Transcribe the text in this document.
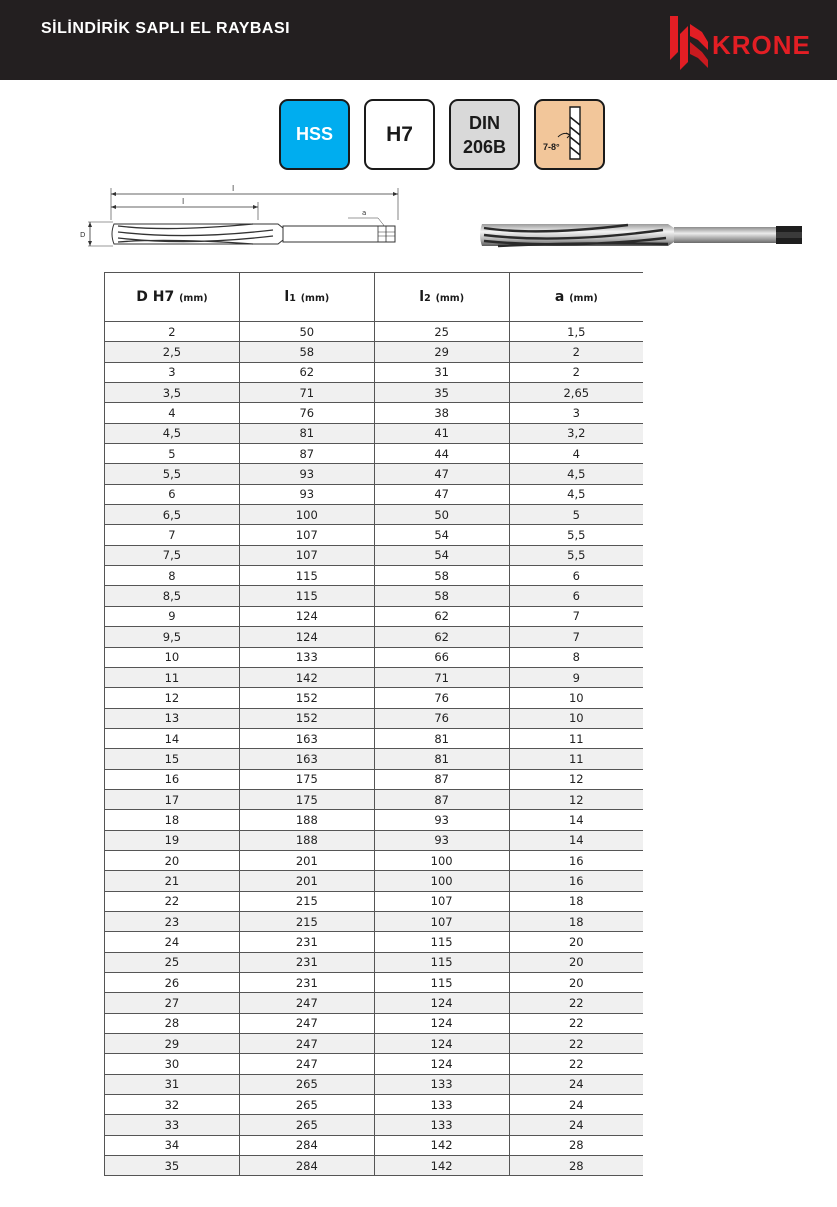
SİLİNDİRİK SAPLI EL RAYBASI
KRONE
HSS	H7	DIN
206B	7-8°
l
l
D
a
D H7 (mm)	l1 (mm)	l2 (mm)	a (mm)
2	50	25	1,5
2,5	58	29	2
3	62	31	2
3,5	71	35	2,65
4	76	38	3
4,5	81	41	3,2
5	87	44	4
5,5	93	47	4,5
6	93	47	4,5
6,5	100	50	5
7	107	54	5,5
7,5	107	54	5,5
8	115	58	6
8,5	115	58	6
9	124	62	7
9,5	124	62	7
10	133	66	8
11	142	71	9
12	152	76	10
13	152	76	10
14	163	81	11
15	163	81	11
16	175	87	12
17	175	87	12
18	188	93	14
19	188	93	14
20	201	100	16
21	201	100	16
22	215	107	18
23	215	107	18
24	231	115	20
25	231	115	20
26	231	115	20
27	247	124	22
28	247	124	22
29	247	124	22
30	247	124	22
31	265	133	24
32	265	133	24
33	265	133	24
34	284	142	28
35	284	142	28
